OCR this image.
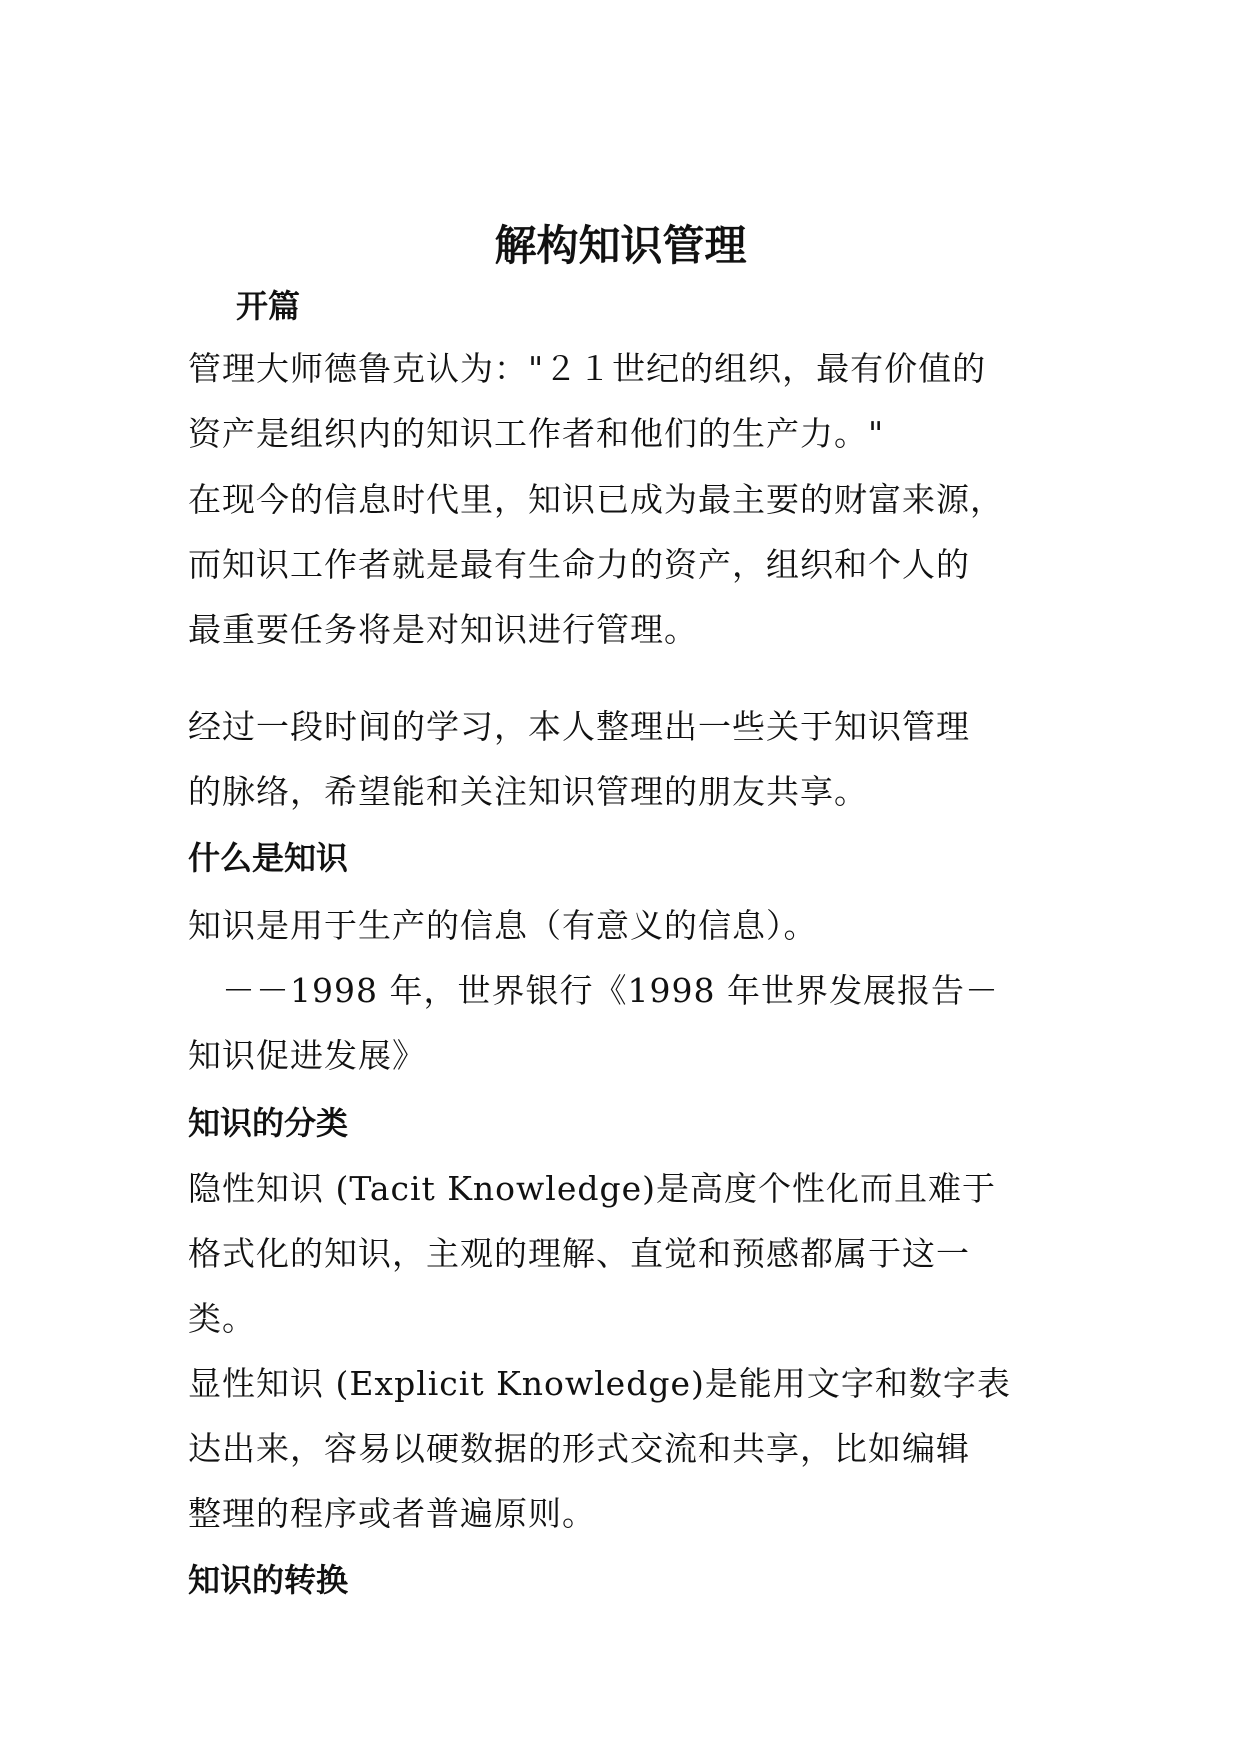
解构知识管理
开篇
管理大师德鲁克认为："２１世纪的组织，最有价值的
资产是组织内的知识工作者和他们的生产力。"
在现今的信息时代里，知识已成为最主要的财富来源，
而知识工作者就是最有生命力的资产，组织和个人的
最重要任务将是对知识进行管理。
经过一段时间的学习，本人整理出一些关于知识管理
的脉络，希望能和关注知识管理的朋友共享。
什么是知识
知识是用于生产的信息（有意义的信息）。
　－－1998 年，世界银行《1998 年世界发展报告－
知识促进发展》
知识的分类
隐性知识 (Tacit Knowledge)是高度个性化而且难于
格式化的知识，主观的理解、直觉和预感都属于这一
类。
显性知识 (Explicit Knowledge)是能用文字和数字表
达出来，容易以硬数据的形式交流和共享，比如编辑
整理的程序或者普遍原则。
知识的转换
